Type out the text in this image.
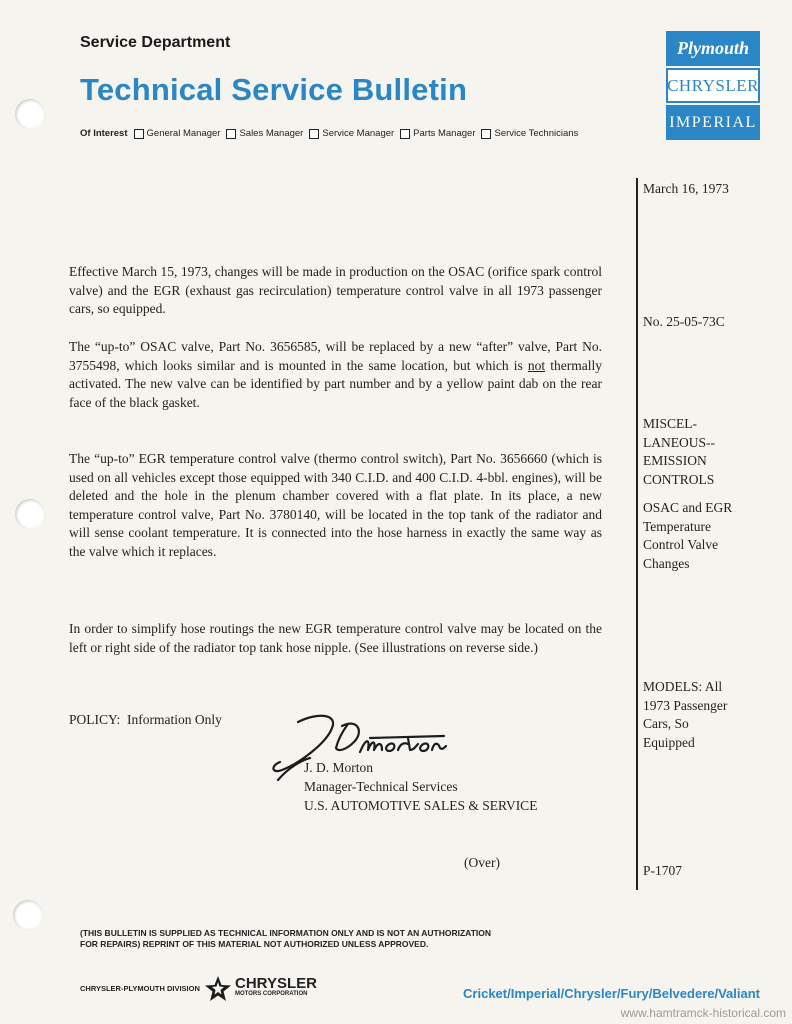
Service Department
Technical Service Bulletin
Of Interest General Manager Sales Manager Service Manager Parts Manager Service Technicians
Plymouth
CHRYSLER
IMPERIAL
March 16, 1973
No. 25-05-73C
MISCEL-
LANEOUS--
EMISSION
CONTROLS
OSAC and EGR
Temperature
Control Valve
Changes
MODELS: All
1973 Passenger
Cars, So
Equipped
P-1707
Effective March 15, 1973, changes will be made in production on the OSAC (orifice spark control valve) and the EGR (exhaust gas recirculation) temperature control valve in all 1973 passenger cars, so equipped.
The “up-to” OSAC valve, Part No. 3656585, will be replaced by a new “after” valve, Part No. 3755498, which looks similar and is mounted in the same location, but which is not thermally activated. The new valve can be identified by part number and by a yellow paint dab on the rear face of the black gasket.
The “up-to” EGR temperature control valve (thermo control switch), Part No. 3656660 (which is used on all vehicles except those equipped with 340 C.I.D. and 400 C.I.D. 4-bbl. engines), will be deleted and the hole in the plenum chamber covered with a flat plate. In its place, a new temperature control valve, Part No. 3780140, will be located in the top tank of the radiator and will sense coolant temperature. It is connected into the hose harness in exactly the same way as the valve which it replaces.
In order to simplify hose routings the new EGR temperature control valve may be located on the left or right side of the radiator top tank hose nipple. (See illustrations on reverse side.)
POLICY:  Information Only
J. D. Morton
Manager-Technical Services
U.S. AUTOMOTIVE SALES & SERVICE
(Over)
(THIS BULLETIN IS SUPPLIED AS TECHNICAL INFORMATION ONLY AND IS NOT AN AUTHORIZATION
FOR REPAIRS) REPRINT OF THIS MATERIAL NOT AUTHORIZED UNLESS APPROVED.
CHRYSLER-PLYMOUTH DIVISION CHRYSLER
MOTORS CORPORATION	Cricket/Imperial/Chrysler/Fury/Belvedere/Valiant
www.hamtramck-historical.com
